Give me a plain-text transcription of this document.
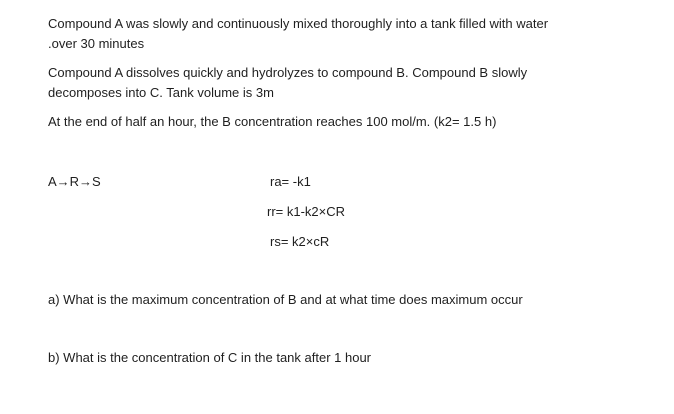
Compound A was slowly and continuously mixed thoroughly into a tank filled with water
.over 30 minutes
Compound A dissolves quickly and hydrolyzes to compound B. Compound B slowly
decomposes into C. Tank volume is 3m
At the end of half an hour, the B concentration reaches 100 mol/m. (k2= 1.5 h)
A→R→S	ra= -k1
rr= k1-k2×CR
rs= k2×cR
a) What is the maximum concentration of B and at what time does maximum occur
b) What is the concentration of C in the tank after 1 hour
